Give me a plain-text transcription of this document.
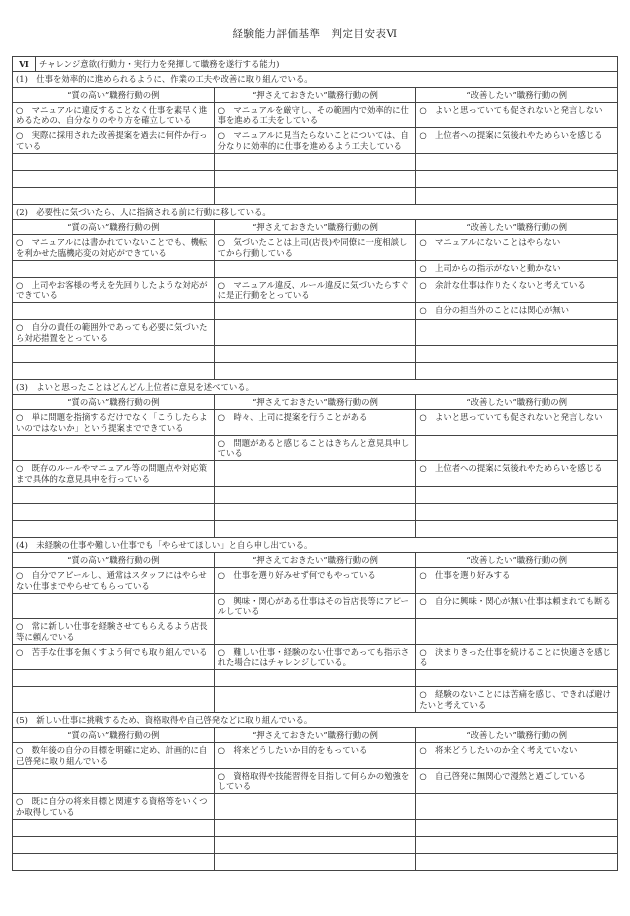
経験能力評価基準　判定目安表Ⅵ
Ⅵ	チャレンジ意欲(行動力・実行力を発揮して職務を遂行する能力)

(1)　仕事を効率的に進められるように、作業の工夫や改善に取り組んでいる。
“質の高い”職務行動の例	“押さえておきたい”職務行動の例	“改善したい”職務行動の例
○　マニュアルに違反することなく仕事を素早く進めるための、自分なりのやり方を確立している	○　マニュアルを厳守し、その範囲内で効率的に仕事を進める工夫をしている	○　よいと思っていても促されないと発言しない
○　実際に採用された改善提案を過去に何件か行っている	○　マニュアルに見当たらないことについては、自分なりに効率的に仕事を進めるよう工夫している	○　上位者への提案に気後れやためらいを感じる

(2)　必要性に気づいたら、人に指摘される前に行動に移している。
“質の高い”職務行動の例	“押さえておきたい”職務行動の例	“改善したい”職務行動の例
○　マニュアルには書かれていないことでも、機転を利かせた臨機応変の対応ができている	○　気づいたことは上司(店長)や同僚に一度相談してから行動している	○　マニュアルにないことはやらない
		○　上司からの指示がないと動かない
○　上司やお客様の考えを先回りしたような対応ができている	○　マニュアル違反、ルール違反に気づいたらすぐに是正行動をとっている	○　余計な仕事は作りたくないと考えている
		○　自分の担当外のことには関心が無い
○　自分の責任の範囲外であっても必要に気づいたら対応措置をとっている		

(3)　よいと思ったことはどんどん上位者に意見を述べている。
“質の高い”職務行動の例	“押さえておきたい”職務行動の例	“改善したい”職務行動の例
○　単に問題を指摘するだけでなく「こうしたらよいのではないか」という提案までできている	○　時々、上司に提案を行うことがある	○　よいと思っていても促されないと発言しない
	○　問題があると感じることはきちんと意見具申している	
○　既存のルールやマニュアル等の問題点や対応策まで具体的な意見具申を行っている		○　上位者への提案に気後れやためらいを感じる

(4)　未経験の仕事や難しい仕事でも「やらせてほしい」と自ら申し出ている。
“質の高い”職務行動の例	“押さえておきたい”職務行動の例	“改善したい”職務行動の例
○　自分でアピールし、通常はスタッフにはやらせない仕事までやらせてもらっている	○　仕事を選り好みせず何でもやっている	○　仕事を選り好みする
	○　興味・関心がある仕事はその旨店長等にアピールしている	○　自分に興味・関心が無い仕事は頼まれても断る
○　常に新しい仕事を経験させてもらえるよう店長等に頼んでいる		
○　苦手な仕事を無くすよう何でも取り組んでいる	○　難しい仕事・経験のない仕事であっても指示された場合にはチャレンジしている。	○　決まりきった仕事を続けることに快適さを感じる

		○　経験のないことには苦痛を感じ、できれば避けたいと考えている
(5)　新しい仕事に挑戦するため、資格取得や自己啓発などに取り組んでいる。
“質の高い”職務行動の例	“押さえておきたい”職務行動の例	“改善したい”職務行動の例
○　数年後の自分の目標を明確に定め、計画的に自己啓発に取り組んでいる	○　将来どうしたいか目的をもっている	○　将来どうしたいのか全く考えていない
	○　資格取得や技能習得を目指して何らかの勉強をしている	○　自己啓発に無関心で漫然と過ごしている
○　既に自分の将来目標と関連する資格等をいくつか取得している		
